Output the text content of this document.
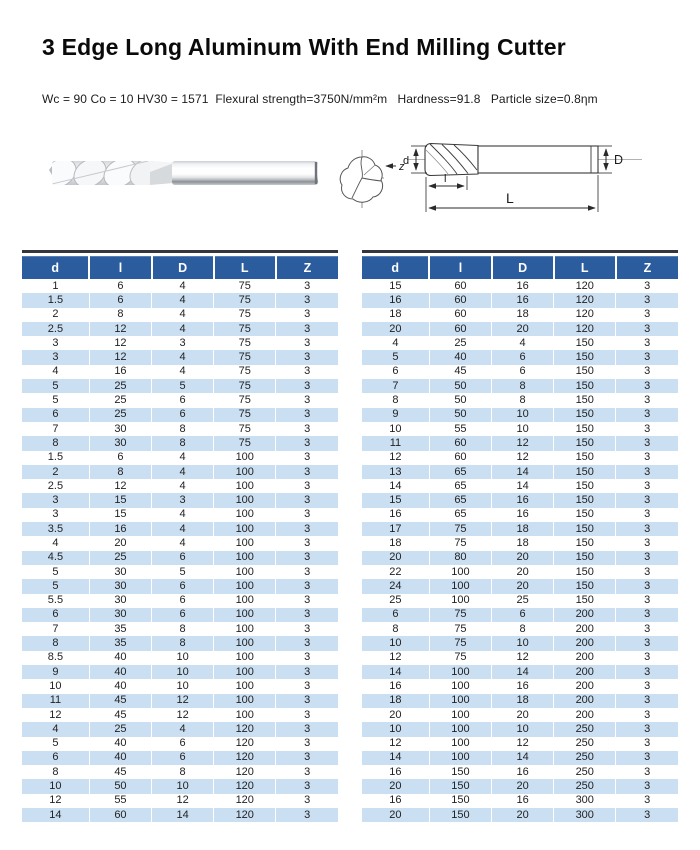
3 Edge Long Aluminum With End Milling Cutter
Wc = 90 Co = 10 HV30 = 1571  Flexural strength=3750N/mm²m   Hardness=91.8   Particle size=0.8ηm
z
d	D
l
L
d	l	D	L	Z
1	6	4	75	3
1.5	6	4	75	3
2	8	4	75	3
2.5	12	4	75	3
3	12	3	75	3
3	12	4	75	3
4	16	4	75	3
5	25	5	75	3
5	25	6	75	3
6	25	6	75	3
7	30	8	75	3
8	30	8	75	3
1.5	6	4	100	3
2	8	4	100	3
2.5	12	4	100	3
3	15	3	100	3
3	15	4	100	3
3.5	16	4	100	3
4	20	4	100	3
4.5	25	6	100	3
5	30	5	100	3
5	30	6	100	3
5.5	30	6	100	3
6	30	6	100	3
7	35	8	100	3
8	35	8	100	3
8.5	40	10	100	3
9	40	10	100	3
10	40	10	100	3
11	45	12	100	3
12	45	12	100	3
4	25	4	120	3
5	40	6	120	3
6	40	6	120	3
8	45	8	120	3
10	50	10	120	3
12	55	12	120	3
14	60	14	120	3
d	l	D	L	Z
15	60	16	120	3
16	60	16	120	3
18	60	18	120	3
20	60	20	120	3
4	25	4	150	3
5	40	6	150	3
6	45	6	150	3
7	50	8	150	3
8	50	8	150	3
9	50	10	150	3
10	55	10	150	3
11	60	12	150	3
12	60	12	150	3
13	65	14	150	3
14	65	14	150	3
15	65	16	150	3
16	65	16	150	3
17	75	18	150	3
18	75	18	150	3
20	80	20	150	3
22	100	20	150	3
24	100	20	150	3
25	100	25	150	3
6	75	6	200	3
8	75	8	200	3
10	75	10	200	3
12	75	12	200	3
14	100	14	200	3
16	100	16	200	3
18	100	18	200	3
20	100	20	200	3
10	100	10	250	3
12	100	12	250	3
14	100	14	250	3
16	150	16	250	3
20	150	20	250	3
16	150	16	300	3
20	150	20	300	3
